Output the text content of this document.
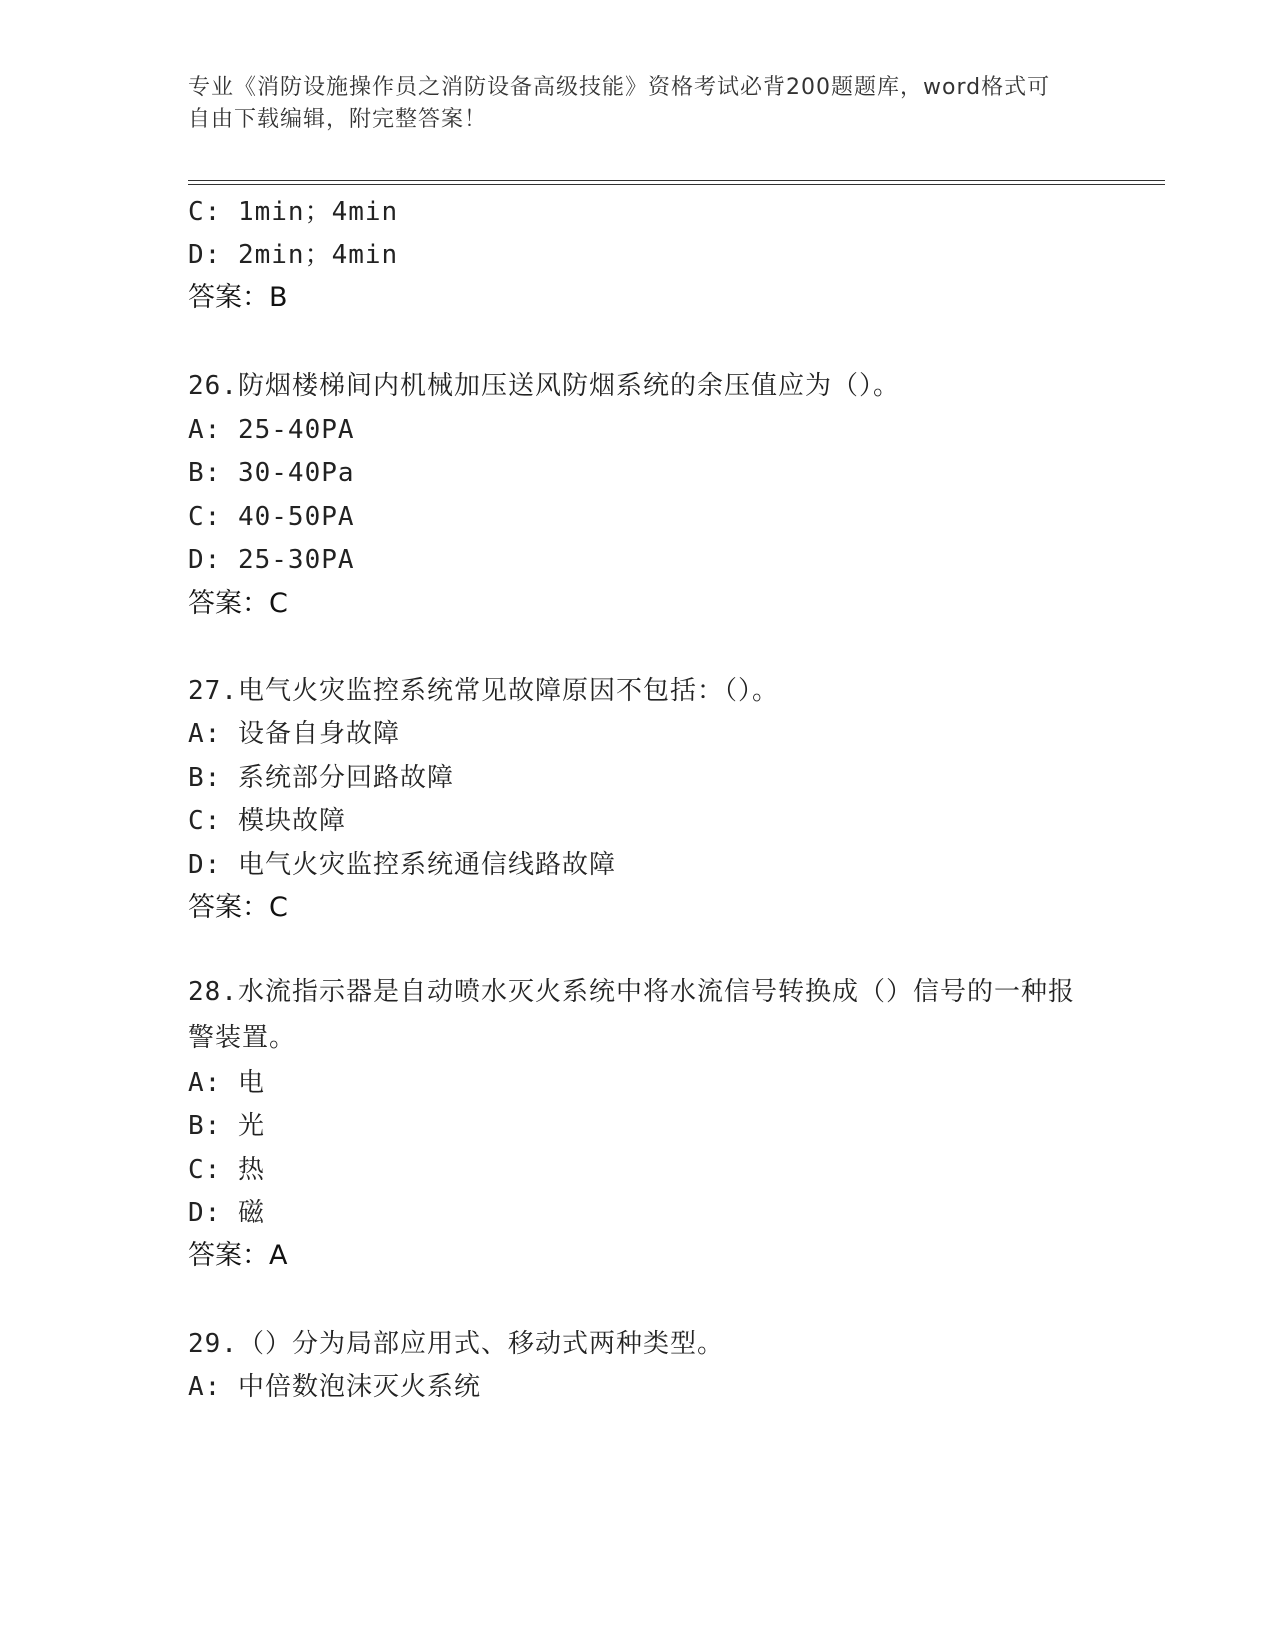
专业《消防设施操作员之消防设备高级技能》资格考试必背200题题库，word格式可自由下载编辑，附完整答案！
C: 1min；4min
D: 2min；4min
答案：B
26.防烟楼梯间内机械加压送风防烟系统的余压值应为（）。
A: 25-40PA
B: 30-40Pa
C: 40-50PA
D: 25-30PA
答案：C
27.电气火灾监控系统常见故障原因不包括：（）。
A: 设备自身故障
B: 系统部分回路故障
C: 模块故障
D: 电气火灾监控系统通信线路故障
答案：C
28.水流指示器是自动喷水灭火系统中将水流信号转换成（）信号的一种报警装置。
A: 电
B: 光
C: 热
D: 磁
答案：A
29.（）分为局部应用式、移动式两种类型。
A: 中倍数泡沫灭火系统
